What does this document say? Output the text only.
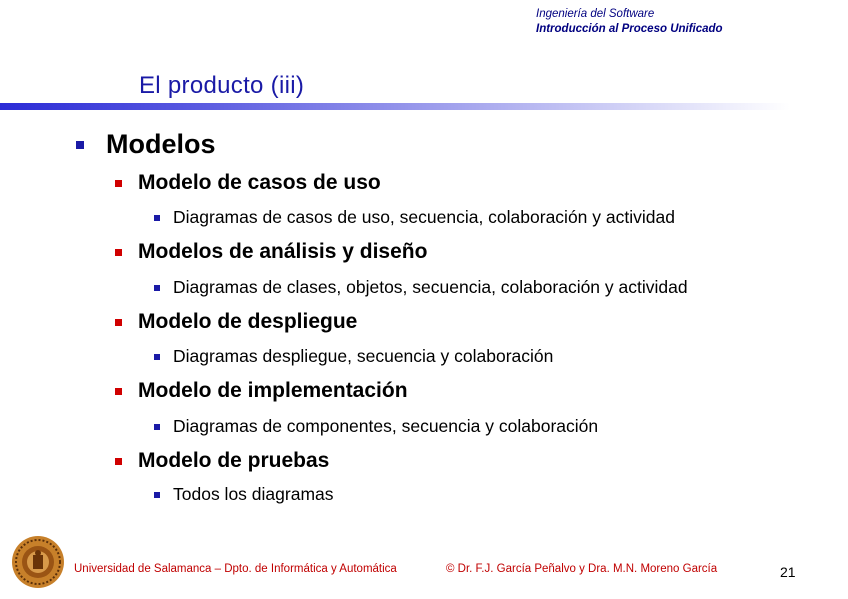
Ingeniería del Software
Introducción al Proceso Unificado
El producto (iii)
Modelos
Modelo de casos de uso
Diagramas de casos de uso, secuencia, colaboración y actividad
Modelos de análisis y diseño
Diagramas de clases, objetos, secuencia, colaboración y actividad
Modelo de despliegue
Diagramas despliegue, secuencia y colaboración
Modelo de implementación
Diagramas de componentes, secuencia y colaboración
Modelo de pruebas
Todos los diagramas
Universidad de Salamanca – Dpto. de Informática y Automática	© Dr. F.J. García Peñalvo y Dra. M.N. Moreno García	21
